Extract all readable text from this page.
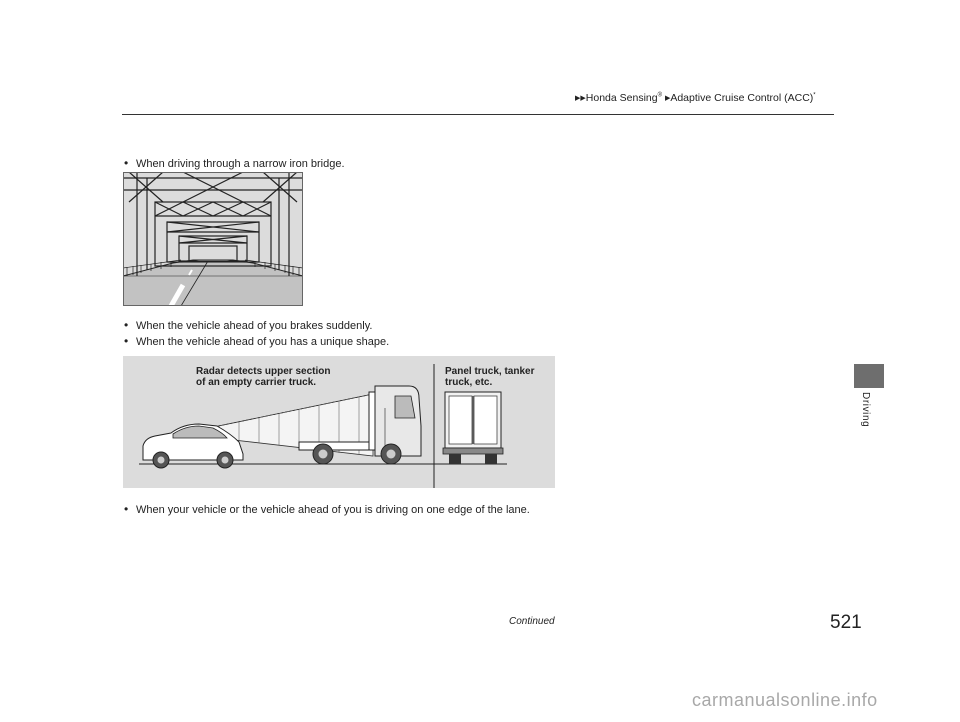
▶▶Honda Sensing® ▶Adaptive Cruise Control (ACC)*
Driving
• When driving through a narrow iron bridge.
• When the vehicle ahead of you brakes suddenly.
• When the vehicle ahead of you has a unique shape.
Radar detects upper section
of an empty carrier truck.
Panel truck, tanker
truck, etc.
• When your vehicle or the vehicle ahead of you is driving on one edge of the lane.
Continued	521
carmanualsonline.info
